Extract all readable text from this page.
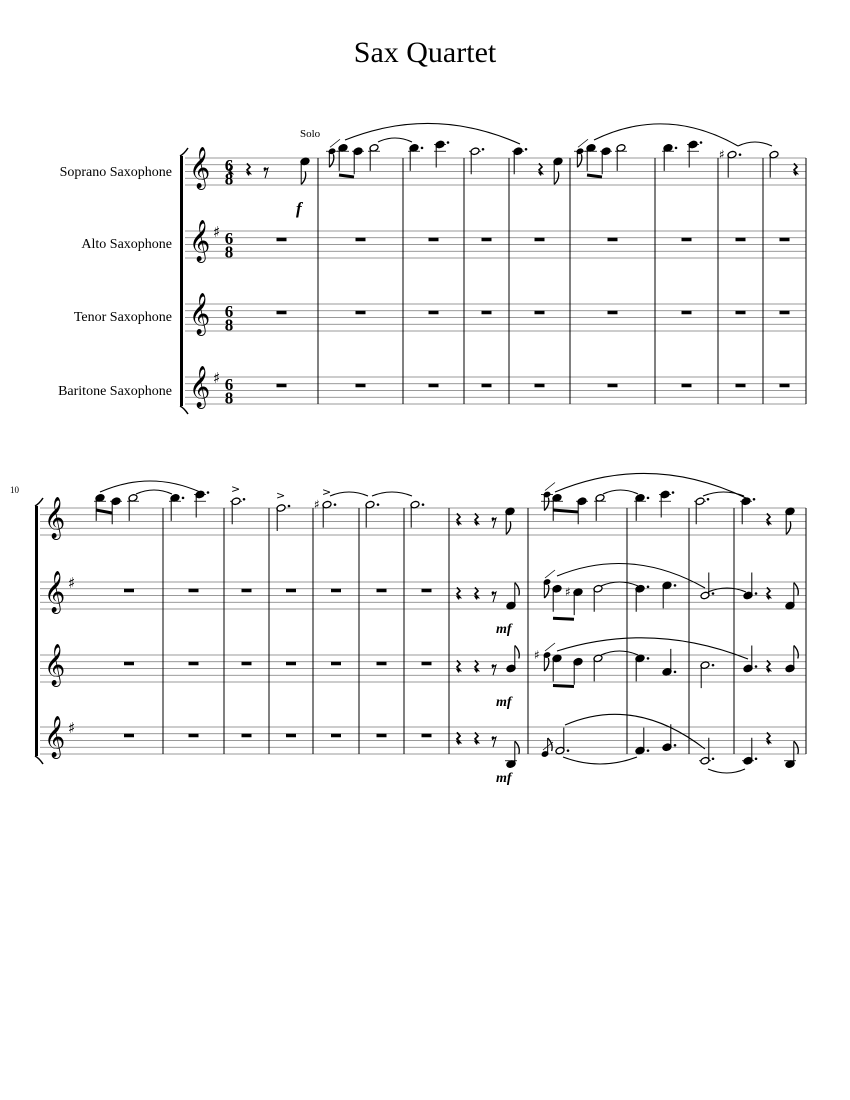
Sax Quartet
Soprano Saxophone
Alto Saxophone
Tenor Saxophone
Baritone Saxophone
Solo
10
f
mf
mf
mf
𝄞 6
8
𝄞 ♯ 6
8
𝄞 6
8
𝄞 ♯ 6
8
𝄞
𝄞 ♯
𝄞
𝄞 ♯
♯
>
>
♯
>
♯
♯
